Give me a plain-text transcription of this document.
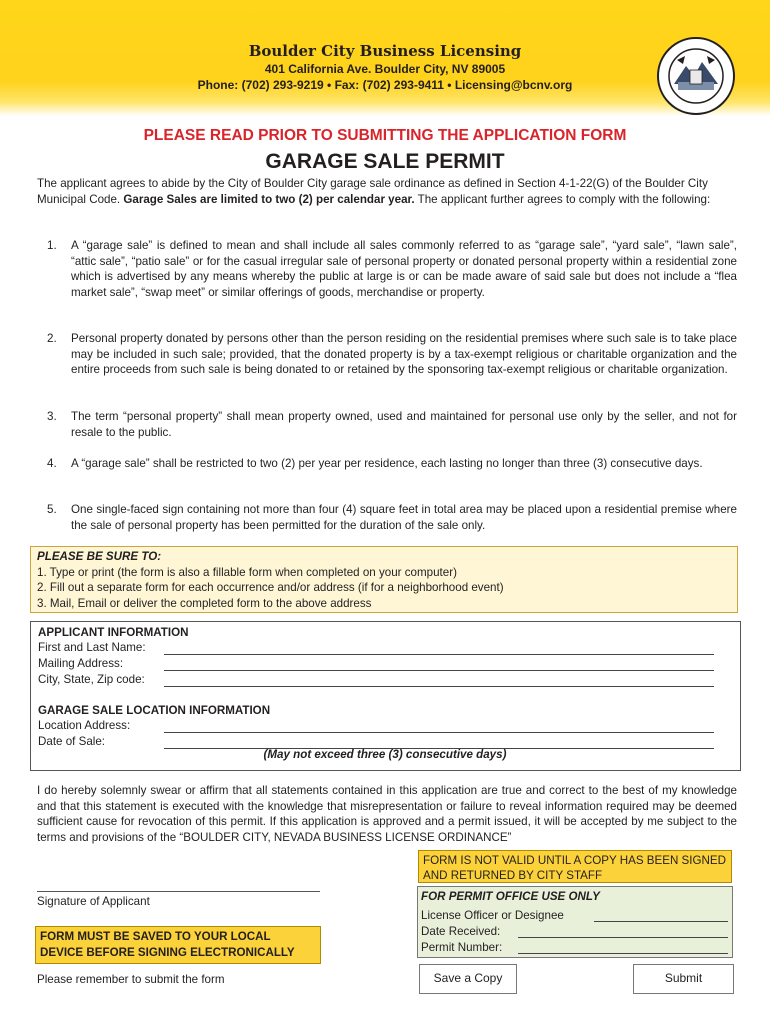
Boulder City Business Licensing
401 California Ave. Boulder City, NV 89005
Phone: (702) 293-9219 • Fax: (702) 293-9411 • Licensing@bcnv.org
PLEASE READ PRIOR TO SUBMITTING THE APPLICATION FORM
GARAGE SALE PERMIT
The applicant agrees to abide by the City of Boulder City garage sale ordinance as defined in Section 4-1-22(G) of the Boulder City Municipal Code. Garage Sales are limited to two (2) per calendar year. The applicant further agrees to comply with the following:
1.	A “garage sale” is defined to mean and shall include all sales commonly referred to as “garage sale”, “yard sale”, “lawn sale”, “attic sale”, “patio sale” or for the casual irregular sale of personal property or donated personal property within a residential zone which is advertised by any means whereby the public at large is or can be made aware of said sale but does not include a “flea market sale”, “swap meet” or similar offerings of goods, merchandise or property.
2.	Personal property donated by persons other than the person residing on the residential premises where such sale is to take place may be included in such sale; provided, that the donated property is by a tax-exempt religious or charitable organization and the entire proceeds from such sale is being donated to or retained by the sponsoring tax-exempt religious or charitable organization.
3.	The term “personal property” shall mean property owned, used and maintained for personal use only by the seller, and not for resale to the public.
4.	A “garage sale” shall be restricted to two (2) per year per residence, each lasting no longer than three (3) consecutive days.
5.	One single-faced sign containing not more than four (4) square feet in total area may be placed upon a residential premise where the sale of personal property has been permitted for the duration of the sale only.
PLEASE BE SURE TO:
1. Type or print (the form is also a fillable form when completed on your computer)
2. Fill out a separate form for each occurrence and/or address (if for a neighborhood event)
3. Mail, Email or deliver the completed form to the above address
APPLICANT INFORMATION
First and Last Name:
Mailing Address:
City, State, Zip code:
GARAGE SALE LOCATION INFORMATION
Location Address:
Date of Sale:
(May not exceed three (3) consecutive days)
I do hereby solemnly swear or affirm that all statements contained in this application are true and correct to the best of my knowledge and that this statement is executed with the knowledge that misrepresentation or failure to reveal information required may be deemed sufficient cause for revocation of this permit. If this application is approved and a permit issued, it will be accepted by me subject to the terms and provisions of the “BOULDER CITY, NEVADA BUSINESS LICENSE ORDINANCE”
FORM IS NOT VALID UNTIL A COPY HAS BEEN SIGNED AND RETURNED BY CITY STAFF
Signature of Applicant	FOR PERMIT OFFICE USE ONLY
License Officer or Designee
Date Received:
Permit Number:
FORM MUST BE SAVED TO YOUR LOCAL DEVICE BEFORE SIGNING ELECTRONICALLY
Please remember to submit the form	Save a Copy	Submit
